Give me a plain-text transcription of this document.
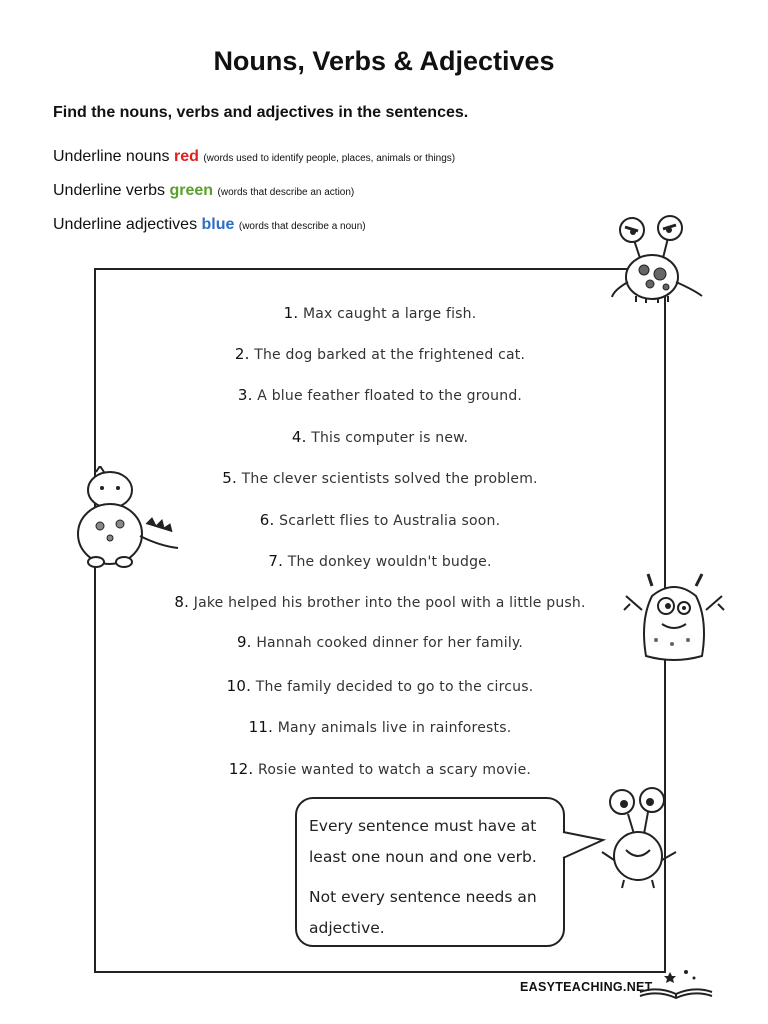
Nouns, Verbs & Adjectives
Find the nouns, verbs and adjectives in the sentences.
Underline nouns red (words used to identify people, places, animals or things)
Underline verbs green (words that describe an action)
Underline adjectives blue (words that describe a noun)
1. Max caught a large fish.
2. The dog barked at the frightened cat.
3. A blue feather floated to the ground.
4. This computer is new.
5. The clever scientists solved the problem.
6. Scarlett flies to Australia soon.
7. The donkey wouldn't budge.
8. Jake helped his brother into the pool with a little push.
9. Hannah cooked dinner for her family.
10. The family decided to go to the circus.
11. Many animals live in rainforests.
12. Rosie wanted to watch a scary movie.

Every sentence must have at least one noun and one verb.

Not every sentence needs an adjective.

EASYTEACHING.NET
